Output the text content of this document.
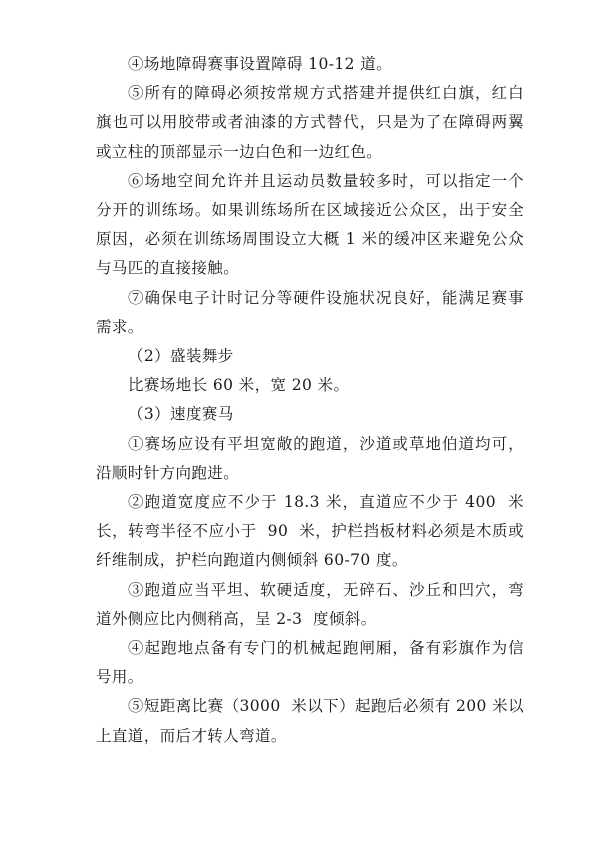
④场地障碍赛事设置障碍 10-12 道。

⑤所有的障碍必须按常规方式搭建并提供红白旗，红白旗也可以用胶带或者油漆的方式替代，只是为了在障碍两翼或立柱的顶部显示一边白色和一边红色。

⑥场地空间允许并且运动员数量较多时，可以指定一个分开的训练场。如果训练场所在区域接近公众区，出于安全原因，必须在训练场周围设立大概 1 米的缓冲区来避免公众与马匹的直接接触。

⑦确保电子计时记分等硬件设施状况良好，能满足赛事需求。

（2）盛装舞步

比赛场地长 60 米，宽 20 米。

（3）速度赛马

①赛场应设有平坦宽敞的跑道，沙道或草地伯道均可，沿顺时针方向跑进。

②跑道宽度应不少于 18.3 米，直道应不少于 400  米长，转弯半径不应小于  90  米，护栏挡板材料必须是木质或纤维制成，护栏向跑道内侧倾斜 60-70 度。

③跑道应当平坦、软硬适度，无碎石、沙丘和凹穴，弯道外侧应比内侧稍高，呈 2-3  度倾斜。

④起跑地点备有专门的机械起跑闸厢，备有彩旗作为信号用。

⑤短距离比赛（3000  米以下）起跑后必须有 200 米以上直道，而后才转人弯道。
